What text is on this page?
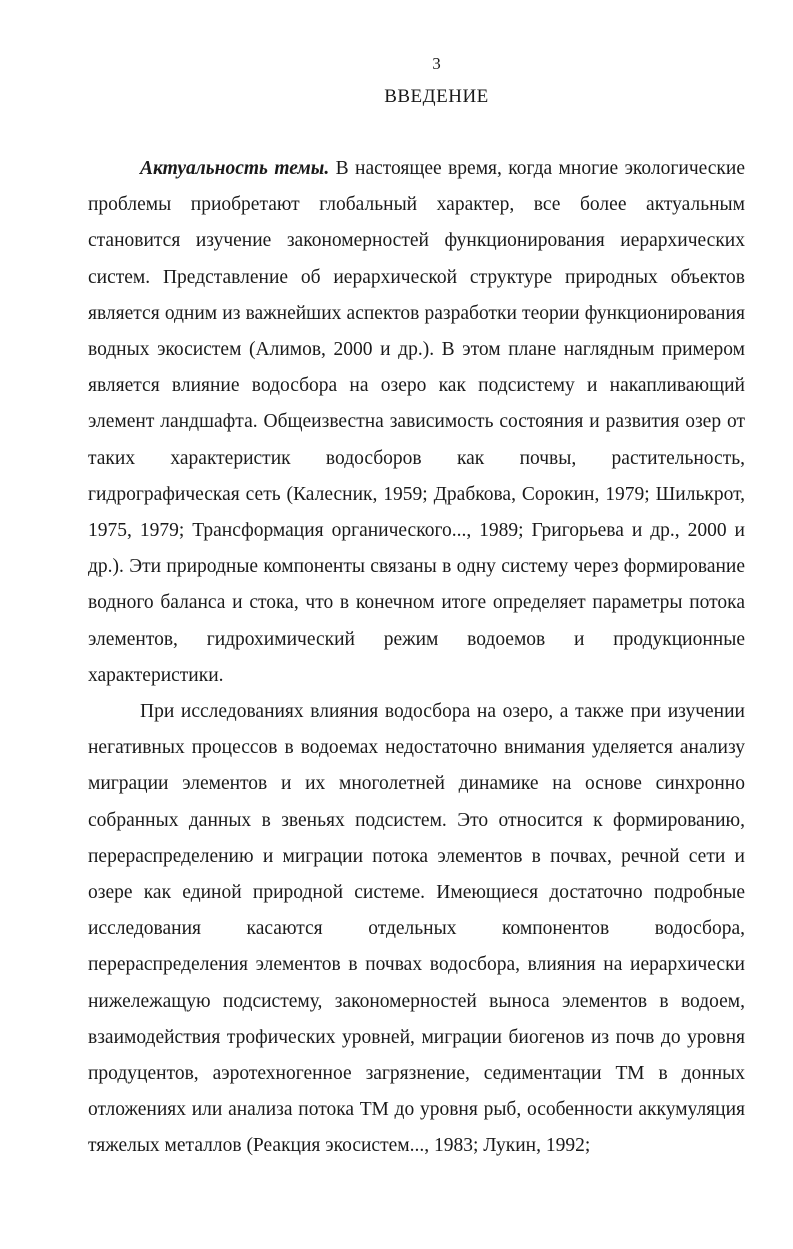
3
ВВЕДЕНИЕ

Актуальность темы. В настоящее время, когда многие экологические проблемы приобретают глобальный характер, все более актуальным становится изучение закономерностей функционирования иерархических систем. Представление об иерархической структуре природных объектов является одним из важнейших аспектов разработки теории функционирования водных экосистем (Алимов, 2000 и др.). В этом плане наглядным примером является влияние водосбора на озеро как подсистему и накапливающий элемент ландшафта. Общеизвестна зависимость состояния и развития озер от таких характеристик водосборов как почвы, растительность, гидрографическая сеть (Калесник, 1959; Драбкова, Сорокин, 1979; Шилькрот, 1975, 1979; Трансформация органического..., 1989; Григорьева и др., 2000 и др.). Эти природные компоненты связаны в одну систему через формирование водного баланса и стока, что в конечном итоге определяет параметры потока элементов, гидрохимический режим водоемов и продукционные характеристики.

При исследованиях влияния водосбора на озеро, а также при изучении негативных процессов в водоемах недостаточно внимания уделяется анализу миграции элементов и их многолетней динамике на основе синхронно собранных данных в звеньях подсистем. Это относится к формированию, перераспределению и миграции потока элементов в почвах, речной сети и озере как единой природной системе. Имеющиеся достаточно подробные исследования касаются отдельных компонентов водосбора, перераспределения элементов в почвах водосбора, влияния на иерархически нижележащую подсистему, закономерностей выноса элементов в водоем, взаимодействия трофических уровней, миграции биогенов из почв до уровня продуцентов, аэротехногенное загрязнение, седиментации ТМ в донных отложениях или анализа потока ТМ до уровня рыб, особенности аккумуляция тяжелых металлов (Реакция экосистем..., 1983; Лукин, 1992;
